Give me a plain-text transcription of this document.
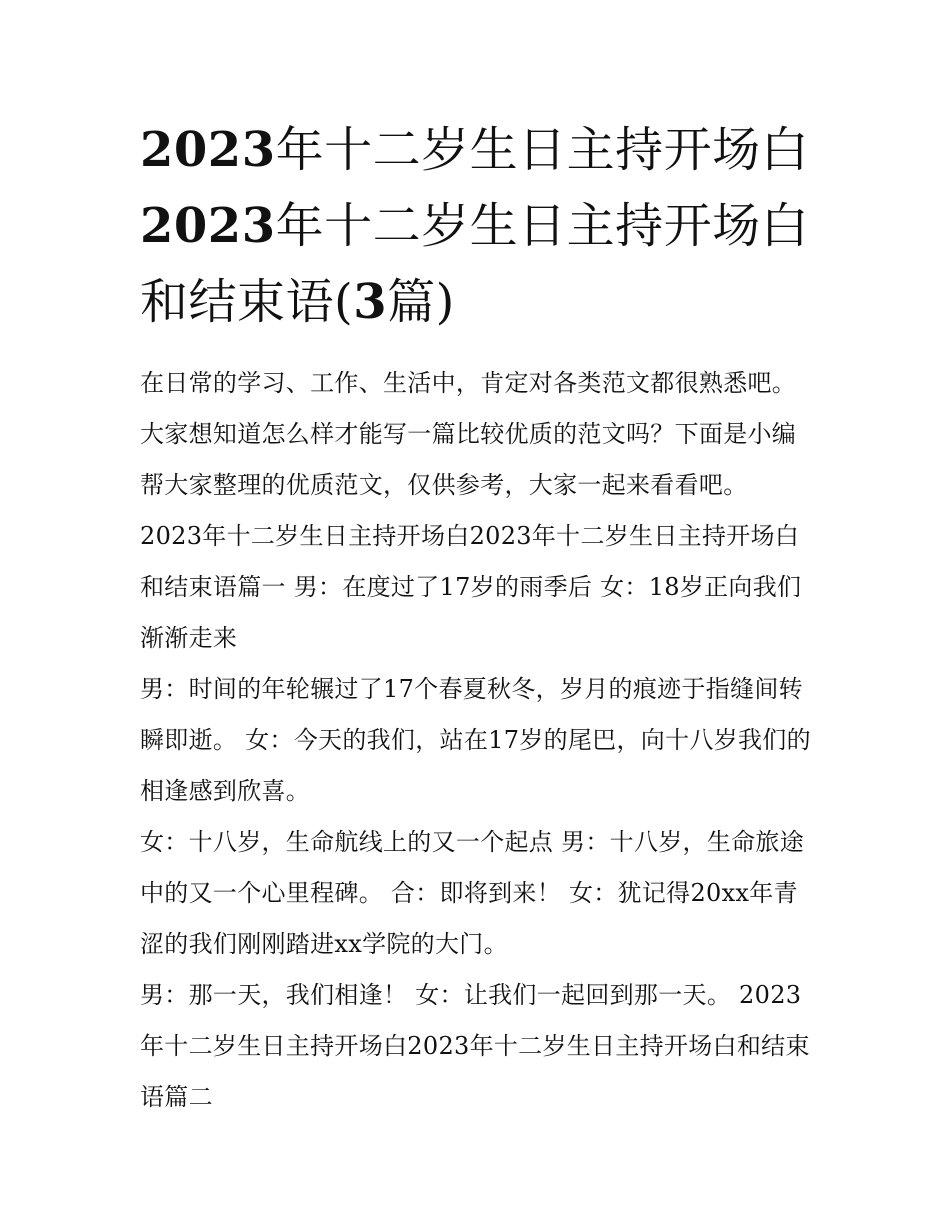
2023年十二岁生日主持开场白2023年十二岁生日主持开场白和结束语(3篇)

在日常的学习、工作、生活中，肯定对各类范文都很熟悉吧。大家想知道怎么样才能写一篇比较优质的范文吗？下面是小编帮大家整理的优质范文，仅供参考，大家一起来看看吧。

2023年十二岁生日主持开场白2023年十二岁生日主持开场白和结束语篇一 男：在度过了17岁的雨季后 女：18岁正向我们渐渐走来

男：时间的年轮辗过了17个春夏秋冬，岁月的痕迹于指缝间转瞬即逝。 女：今天的我们，站在17岁的尾巴，向十八岁我们的相逢感到欣喜。

女：十八岁，生命航线上的又一个起点 男：十八岁，生命旅途中的又一个心里程碑。 合：即将到来！ 女：犹记得20xx年青涩的我们刚刚踏进xx学院的大门。

男：那一天，我们相逢！ 女：让我们一起回到那一天。 2023年十二岁生日主持开场白2023年十二岁生日主持开场白和结束语篇二
